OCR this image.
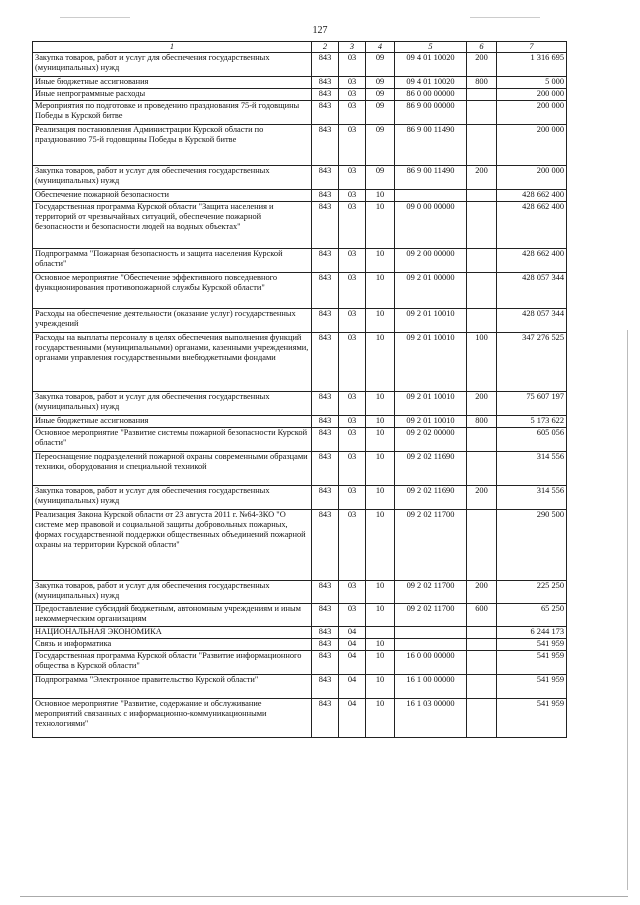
127
1	2	3	4	5	6	7
Закупка товаров, работ и услуг для обеспечения государственных (муниципальных) нужд	843	03	09	09 4 01 10020	200	1 316 695
Иные бюджетные ассигнования	843	03	09	09 4 01 10020	800	5 000
Иные непрограммные расходы	843	03	09	86 0 00 00000		200 000
Мероприятия по подготовке и проведению празднования 75-й годовщины Победы в Курской битве	843	03	09	86 9 00 00000		200 000
Реализация постановления Администрации Курской области по празднованию 75-й годовщины Победы в Курской битве	843	03	09	86 9 00 11490		200 000
Закупка товаров, работ и услуг для обеспечения государственных (муниципальных) нужд	843	03	09	86 9 00 11490	200	200 000
Обеспечение пожарной безопасности	843	03	10			428 662 400
Государственная программа Курской области "Защита населения и территорий от чрезвычайных ситуаций, обеспечение пожарной безопасности и безопасности людей на водных объектах"	843	03	10	09 0 00 00000		428 662 400
Подпрограмма "Пожарная безопасность и защита населения Курской области"	843	03	10	09 2 00 00000		428 662 400
Основное мероприятие "Обеспечение эффективного повседневного функционирования противопожарной службы Курской области"	843	03	10	09 2 01 00000		428 057 344
Расходы на обеспечение деятельности (оказание услуг) государственных учреждений	843	03	10	09 2 01 10010		428 057 344
Расходы на выплаты персоналу в целях обеспечения выполнения функций государственными (муниципальными) органами, казенными учреждениями, органами управления государственными внебюджетными фондами	843	03	10	09 2 01 10010	100	347 276 525
Закупка товаров, работ и услуг для обеспечения государственных (муниципальных) нужд	843	03	10	09 2 01 10010	200	75 607 197
Иные бюджетные ассигнования	843	03	10	09 2 01 10010	800	5 173 622
Основное мероприятие "Развитие системы пожарной безопасности Курской области"	843	03	10	09 2 02 00000		605 056
Переоснащение подразделений пожарной охраны современными образцами техники, оборудования и специальной техникой	843	03	10	09 2 02 11690		314 556
Закупка товаров, работ и услуг для обеспечения государственных (муниципальных) нужд	843	03	10	09 2 02 11690	200	314 556
Реализация Закона Курской области от 23 августа 2011 г. №64-ЗКО "О системе мер правовой и социальной защиты добровольных пожарных, формах государственной поддержки общественных объединений пожарной охраны на территории Курской области"	843	03	10	09 2 02 11700		290 500
Закупка товаров, работ и услуг для обеспечения государственных (муниципальных) нужд	843	03	10	09 2 02 11700	200	225 250
Предоставление субсидий бюджетным, автономным учреждениям и иным некоммерческим организациям	843	03	10	09 2 02 11700	600	65 250
НАЦИОНАЛЬНАЯ ЭКОНОМИКА	843	04				6 244 173
Связь и информатика	843	04	10			541 959
Государственная программа Курской области "Развитие информационного общества в Курской области"	843	04	10	16 0 00 00000		541 959
Подпрограмма "Электронное правительство Курской области"	843	04	10	16 1 00 00000		541 959
Основное мероприятие "Развитие, содержание и обслуживание мероприятий связанных с информационно-коммуникационными технологиями"	843	04	10	16 1 03 00000		541 959
